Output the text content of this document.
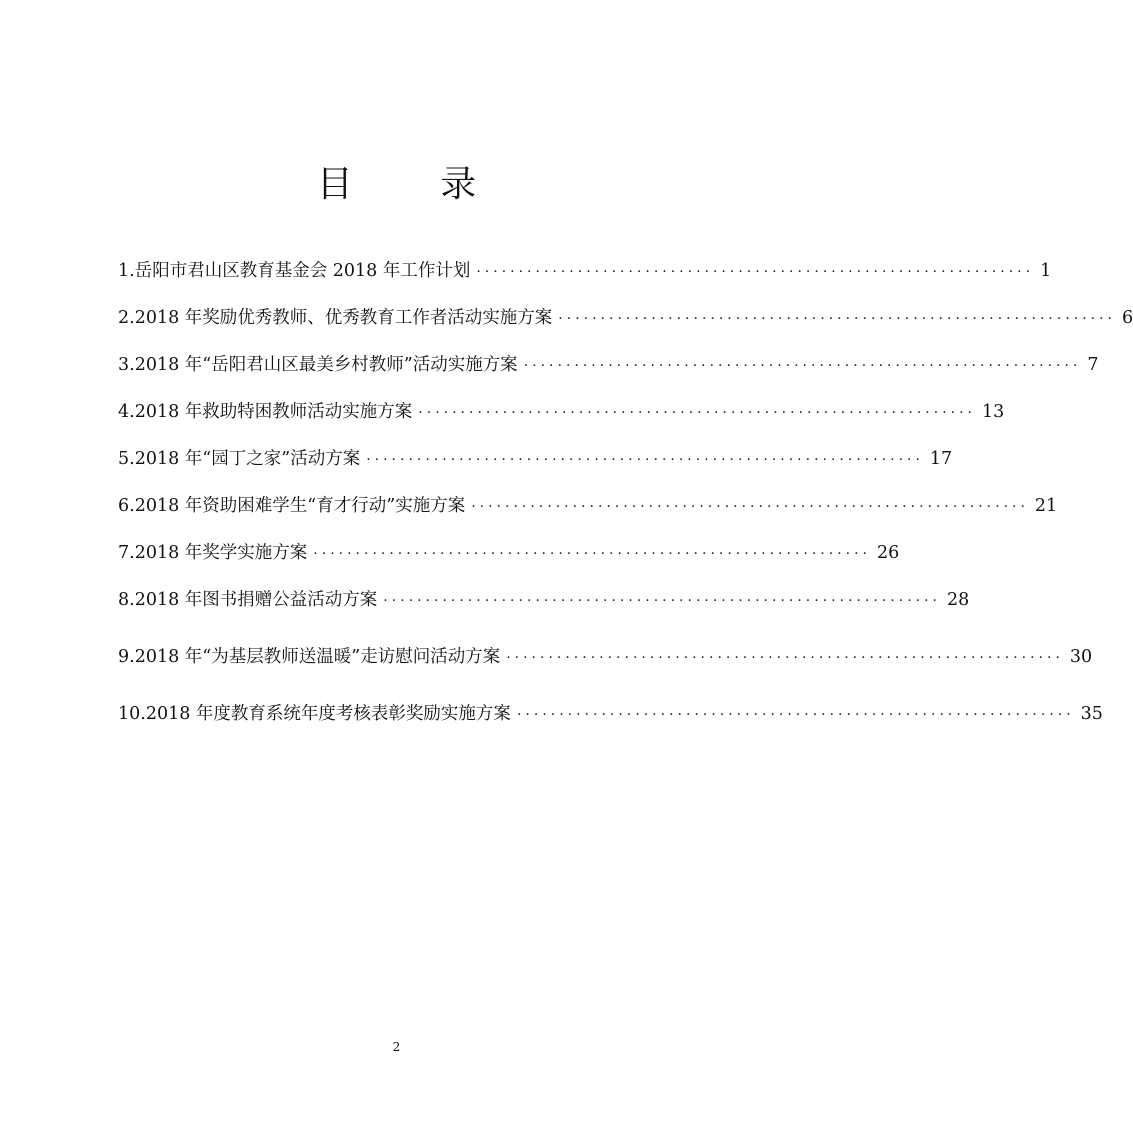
目 录
1.岳阳市君山区教育基金会 2018 年工作计划 ·································································· 1
2.2018 年奖励优秀教师、优秀教育工作者活动实施方案 ·································································· 6
3.2018 年“岳阳君山区最美乡村教师”活动实施方案 ·································································· 7
4.2018 年救助特困教师活动实施方案 ·································································· 13
5.2018 年“园丁之家”活动方案 ·································································· 17
6.2018 年资助困难学生“育才行动”实施方案 ·································································· 21
7.2018 年奖学实施方案 ·································································· 26
8.2018 年图书捐赠公益活动方案 ·································································· 28
9.2018 年“为基层教师送温暖”走访慰问活动方案 ·································································· 30
10.2018 年度教育系统年度考核表彰奖励实施方案 ·································································· 35
2
